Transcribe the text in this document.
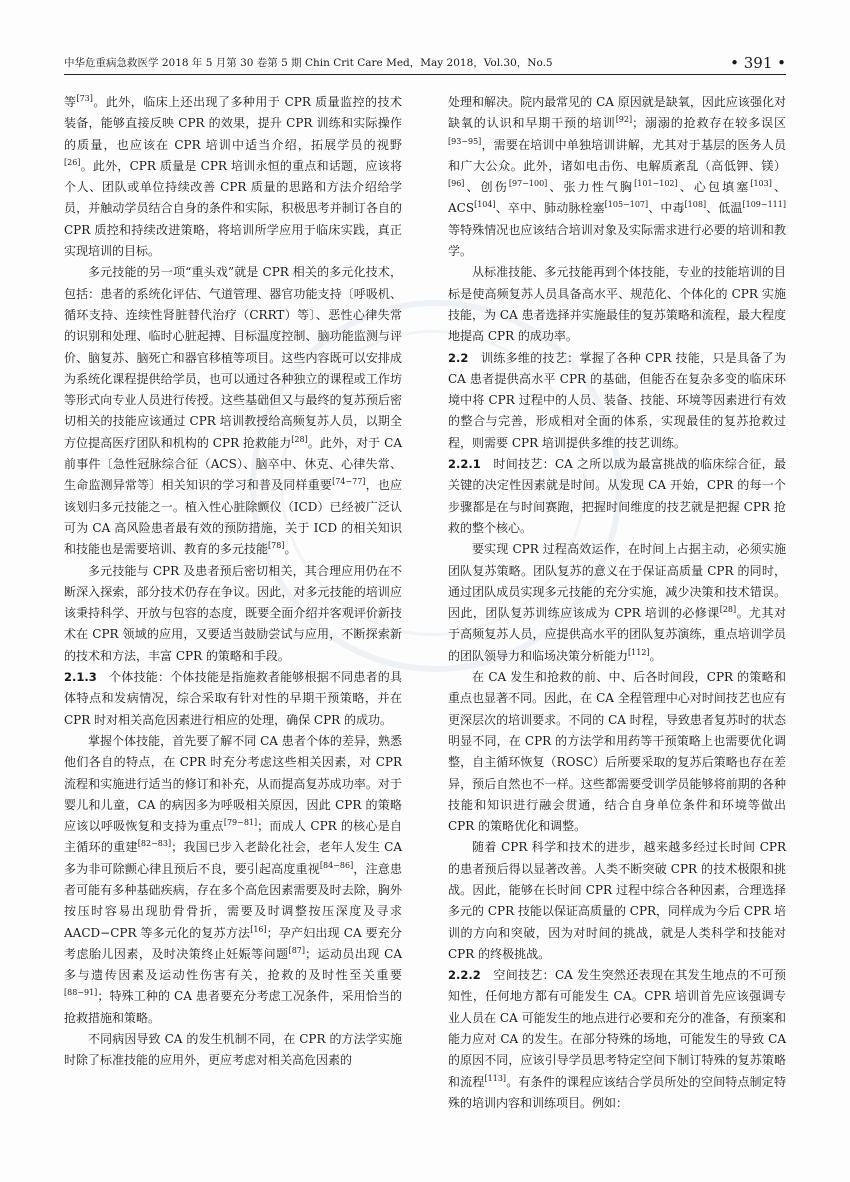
中华危重病急救医学 2018 年 5 月第 30 卷第 5 期 Chin Crit Care Med，May 2018，Vol.30，No.5	• 391 •

等[73]。此外，临床上还出现了多种用于 CPR 质量监控的技术装备，能够直接反映 CPR 的效果，提升 CPR 训练和实际操作的质量，也应该在 CPR 培训中适当介绍，拓展学员的视野[26]。此外，CPR 质量是 CPR 培训永恒的重点和话题，应该将个人、团队或单位持续改善 CPR 质量的思路和方法介绍给学员，并触动学员结合自身的条件和实际，积极思考并制订各自的 CPR 质控和持续改进策略，将培训所学应用于临床实践，真正实现培训的目标。

多元技能的另一项“重头戏”就是 CPR 相关的多元化技术，包括：患者的系统化评估、气道管理、器官功能支持〔呼吸机、循环支持、连续性肾脏替代治疗（CRRT）等〕、恶性心律失常的识别和处理、临时心脏起搏、目标温度控制、脑功能监测与评价、脑复苏、脑死亡和器官移植等项目。这些内容既可以安排成为系统化课程提供给学员，也可以通过各种独立的课程或工作坊等形式向专业人员进行传授。这些基础但又与最终的复苏预后密切相关的技能应该通过 CPR 培训教授给高频复苏人员，以期全方位提高医疗团队和机构的 CPR 抢救能力[28]。此外，对于 CA 前事件〔急性冠脉综合征（ACS）、脑卒中、休克、心律失常、生命监测异常等〕相关知识的学习和普及同样重要[74−77]，也应该划归多元技能之一。植入性心脏除颤仪（ICD）已经被广泛认可为 CA 高风险患者最有效的预防措施，关于 ICD 的相关知识和技能也是需要培训、教育的多元技能[78]。

多元技能与 CPR 及患者预后密切相关，其合理应用仍在不断深入探索，部分技术仍存在争议。因此，对多元技能的培训应该秉持科学、开放与包容的态度，既要全面介绍并客观评价新技术在 CPR 领域的应用，又要适当鼓励尝试与应用，不断探索新的技术和方法，丰富 CPR 的策略和手段。

2.1.3　个体技能：个体技能是指施救者能够根据不同患者的具体特点和发病情况，综合采取有针对性的早期干预策略，并在 CPR 时对相关高危因素进行相应的处理，确保 CPR 的成功。

掌握个体技能，首先要了解不同 CA 患者个体的差异，熟悉他们各自的特点，在 CPR 时充分考虑这些相关因素，对 CPR 流程和实施进行适当的修订和补充，从而提高复苏成功率。对于婴儿和儿童，CA 的病因多为呼吸相关原因，因此 CPR 的策略应该以呼吸恢复和支持为重点[79−81]；而成人 CPR 的核心是自主循环的重建[82−83]；我国已步入老龄化社会，老年人发生 CA 多为非可除颤心律且预后不良，要引起高度重视[84−86]，注意患者可能有多种基础疾病，存在多个高危因素需要及时去除，胸外按压时容易出现肋骨骨折，需要及时调整按压深度及寻求 AACD−CPR 等多元化的复苏方法[16]；孕产妇出现 CA 要充分考虑胎儿因素，及时决策终止妊娠等问题[87]；运动员出现 CA 多与遗传因素及运动性伤害有关，抢救的及时性至关重要[88−91]；特殊工种的 CA 患者要充分考虑工况条件，采用恰当的抢救措施和策略。

不同病因导致 CA 的发生机制不同，在 CPR 的方法学实施时除了标准技能的应用外，更应考虑对相关高危因素的

处理和解决。院内最常见的 CA 原因就是缺氧，因此应该强化对缺氧的认识和早期干预的培训[92]；溺溺的抢救存在较多误区[93−95]，需要在培训中单独培训讲解，尤其对于基层的医务人员和广大公众。此外，诸如电击伤、电解质紊乱（高低钾、镁）[96]、创伤[97−100]、张力性气胸[101−102]、心包填塞[103]、ACS[104]、卒中、肺动脉栓塞[105−107]、中毒[108]、低温[109−111]等特殊情况也应该结合培训对象及实际需求进行必要的培训和教学。

从标准技能、多元技能再到个体技能，专业的技能培训的目标是使高频复苏人员具备高水平、规范化、个体化的 CPR 实施技能，为 CA 患者选择并实施最佳的复苏策略和流程，最大程度地提高 CPR 的成功率。

2.2　训练多维的技艺：掌握了各种 CPR 技能，只是具备了为 CA 患者提供高水平 CPR 的基础，但能否在复杂多变的临床环境中将 CPR 过程中的人员、装备、技能、环境等因素进行有效的整合与完善，形成相对全面的体系，实现最佳的复苏抢救过程，则需要 CPR 培训提供多维的技艺训练。

2.2.1　时间技艺：CA 之所以成为最富挑战的临床综合征，最关键的决定性因素就是时间。从发现 CA 开始，CPR 的每一个步骤都是在与时间赛跑，把握时间维度的技艺就是把握 CPR 抢救的整个核心。

要实现 CPR 过程高效运作，在时间上占据主动，必须实施团队复苏策略。团队复苏的意义在于保证高质量 CPR 的同时，通过团队成员实现多元技能的充分实施，减少决策和技术错误。因此，团队复苏训练应该成为 CPR 培训的必修课[28]。尤其对于高频复苏人员，应提供高水平的团队复苏演练，重点培训学员的团队领导力和临场决策分析能力[112]。

在 CA 发生和抢救的前、中、后各时间段，CPR 的策略和重点也显著不同。因此，在 CA 全程管理中心对时间技艺也应有更深层次的培训要求。不同的 CA 时程，导致患者复苏时的状态明显不同，在 CPR 的方法学和用药等干预策略上也需要优化调整，自主循环恢复（ROSC）后所要采取的复苏后策略也存在差异，预后自然也不一样。这些都需要受训学员能够将前期的各种技能和知识进行融会贯通，结合自身单位条件和环境等做出 CPR 的策略优化和调整。

随着 CPR 科学和技术的进步，越来越多经过长时间 CPR 的患者预后得以显著改善。人类不断突破 CPR 的技术极限和挑战。因此，能够在长时间 CPR 过程中综合各种因素，合理选择多元的 CPR 技能以保证高质量的 CPR，同样成为今后 CPR 培训的方向和突破，因为对时间的挑战，就是人类科学和技能对 CPR 的终极挑战。

2.2.2　空间技艺：CA 发生突然还表现在其发生地点的不可预知性，任何地方都有可能发生 CA。CPR 培训首先应该强调专业人员在 CA 可能发生的地点进行必要和充分的准备，有预案和能力应对 CA 的发生。在部分特殊的场地，可能发生的导致 CA 的原因不同，应该引导学员思考特定空间下制订特殊的复苏策略和流程[113]。有条件的课程应该结合学员所处的空间特点制定特殊的培训内容和训练项目。例如：
